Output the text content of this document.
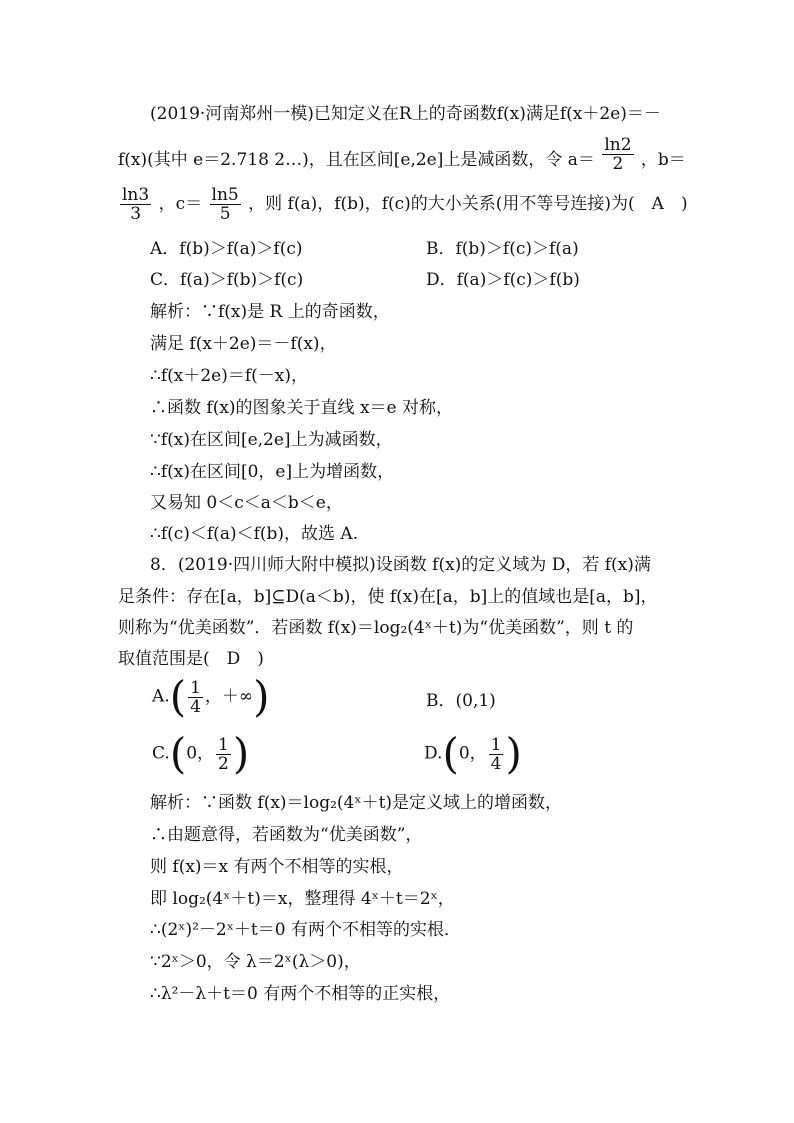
(2019·河南郑州一模)已知定义在R上的奇函数f(x)满足f(x＋2e)＝－
f(x)(其中 e＝2.718 2…)，且在区间[e,2e]上是减函数，令 $a= \frac{\ln 2}{2}$ ，b＝
$\frac{\ln 3}{3}$ ，$c= \frac{\ln 5}{5}$ ，则 f(a)，f(b)，f(c)的大小关系(用不等号连接)为(　A　)
A．f(b)＞f(a)＞f(c)	B．f(b)＞f(c)＞f(a)
C．f(a)＞f(b)＞f(c)	D．f(a)＞f(c)＞f(b)
解析：∵f(x)是 R 上的奇函数，
满足 f(x＋2e)＝－f(x)，
∴f(x＋2e)＝f(－x)，
∴函数 f(x)的图象关于直线 x＝e 对称，
∵f(x)在区间[e,2e]上为减函数，
∴f(x)在区间[0，e]上为增函数，
又易知 0＜c＜a＜b＜e，
∴f(c)＜f(a)＜f(b)，故选 A.
8．(2019·四川师大附中模拟)设函数 f(x)的定义域为 D，若 f(x)满
足条件：存在[a，b]⊆D(a＜b)，使 f(x)在[a，b]上的值域也是[a，b]，
则称为“优美函数”．若函数 f(x)＝log₂(4ˣ＋t)为“优美函数”，则 t 的
取值范围是(　D　)
$A.( \frac{1}{4}$ ，＋∞)	B．(0,1)
C.(0， $\frac{1}{2}$ )	D.(0， $\frac{1}{4}$ )
解析：∵函数 f(x)＝log₂(4ˣ＋t)是定义域上的增函数，
∴由题意得，若函数为“优美函数”，
则 f(x)＝x 有两个不相等的实根，
即 log₂(4ˣ＋t)＝x，整理得 4ˣ＋t＝2ˣ，
∴(2ˣ)²－2ˣ＋t＝0 有两个不相等的实根．
∵2ˣ＞0，令 λ＝2ˣ(λ＞0)，
∴λ²－λ＋t＝0 有两个不相等的正实根，
